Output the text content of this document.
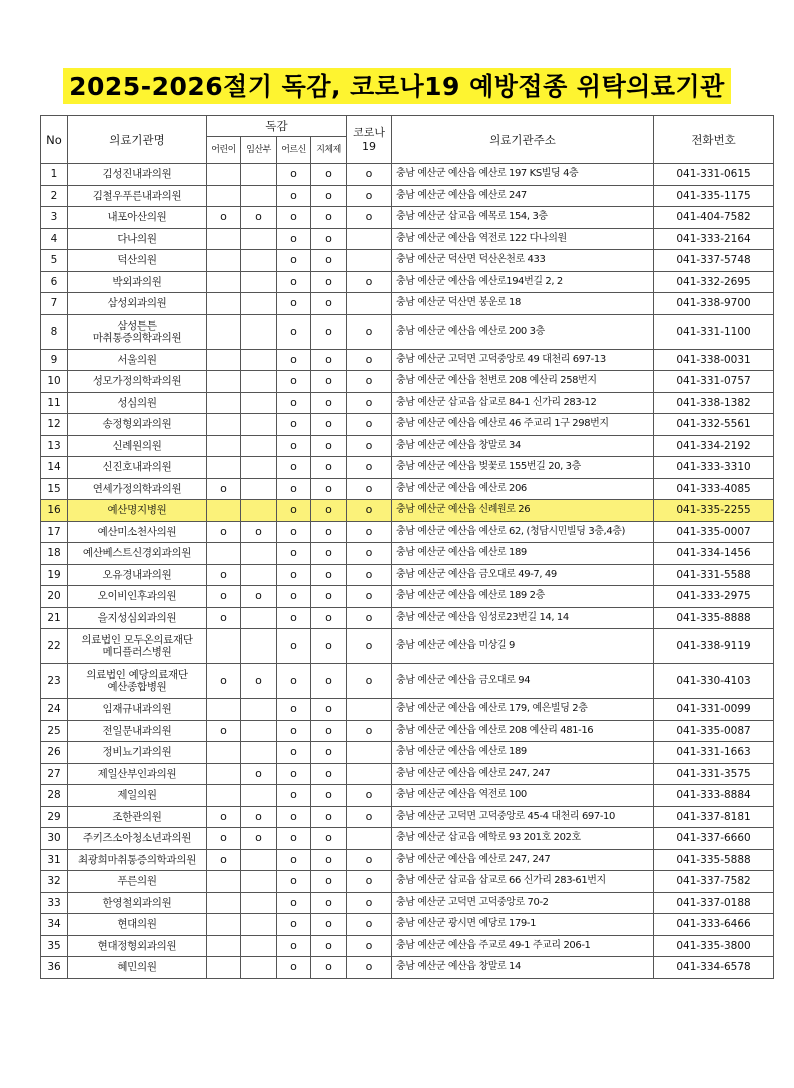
2025-2026절기 독감, 코로나19 예방접종 위탁의료기관
No	의료기관명	독감				코로나19	의료기관주소	전화번호
		어린이	임산부	어르신	지체제			
1	김성진내과의원			o	o	o	충남 예산군 예산읍 예산로 197 KS빌딩 4층	041-331-0615
2	김철우푸른내과의원			o	o	o	충남 예산군 예산읍 예산로 247	041-335-1175
3	내포아산의원	o	o	o	o	o	충남 예산군 삽교읍 예목로 154, 3층	041-404-7582
4	다나의원			o	o		충남 예산군 예산읍 역전로 122 다나의원	041-333-2164
5	덕산의원			o	o		충남 예산군 덕산면 덕산온천로 433	041-337-5748
6	박외과의원			o	o	o	충남 예산군 예산읍 예산로194번길 2, 2	041-332-2695
7	삼성외과의원			o	o		충남 예산군 덕산면 봉운로 18	041-338-9700
8	삼성튼튼
마취통증의학과의원			o	o	o	충남 예산군 예산읍 예산로 200 3층	041-331-1100
9	서울의원			o	o	o	충남 예산군 고덕면 고덕중앙로 49 대천리 697-13	041-338-0031
10	성모가정의학과의원			o	o	o	충남 예산군 예산읍 천변로 208 예산리 258번지	041-331-0757
11	성심의원			o	o	o	충남 예산군 삽교읍 삽교로 84-1 신가리 283-12	041-338-1382
12	송정형외과의원			o	o	o	충남 예산군 예산읍 예산로 46 주교리 1구 298번지	041-332-5561
13	신례원의원			o	o	o	충남 예산군 예산읍 창말로 34	041-334-2192
14	신진호내과의원			o	o	o	충남 예산군 예산읍 벚꽃로 155번길 20, 3층	041-333-3310
15	연세가정의학과의원	o		o	o	o	충남 예산군 예산읍 예산로 206	041-333-4085
16	예산명지병원			o	o	o	충남 예산군 예산읍 신례원로 26	041-335-2255
17	예산미소천사의원	o	o	o	o	o	충남 예산군 예산읍 예산로 62, (청담시민빌딩 3층,4층)	041-335-0007
18	예산베스트신경외과의원			o	o	o	충남 예산군 예산읍 예산로 189	041-334-1456
19	오유경내과의원	o		o	o	o	충남 예산군 예산읍 금오대로 49-7, 49	041-331-5588
20	오이비인후과의원	o	o	o	o	o	충남 예산군 예산읍 예산로 189 2층	041-333-2975
21	을지성심외과의원	o		o	o	o	충남 예산군 예산읍 임성로23번길 14, 14	041-335-8888
22	의료법인 모두온의료재단
메디플러스병원			o	o	o	충남 예산군 예산읍 미상길 9	041-338-9119
23	의료법인 예당의료재단
예산종합병원	o	o	o	o	o	충남 예산군 예산읍 금오대로 94	041-330-4103
24	임재규내과의원			o	o		충남 예산군 예산읍 예산로 179, 예은빌딩 2층	041-331-0099
25	전일문내과의원	o		o	o	o	충남 예산군 예산읍 예산로 208 예산리 481-16	041-335-0087
26	정비뇨기과의원			o	o		충남 예산군 예산읍 예산로 189	041-331-1663
27	제일산부인과의원		o	o	o		충남 예산군 예산읍 예산로 247, 247	041-331-3575
28	제일의원			o	o	o	충남 예산군 예산읍 역전로 100	041-333-8884
29	조한관의원	o	o	o	o	o	충남 예산군 고덕면 고덕중앙로 45-4 대천리 697-10	041-337-8181
30	주키즈소아청소년과의원	o	o	o	o		충남 예산군 삽교읍 예학로 93 201호 202호	041-337-6660
31	최광희마취통증의학과의원	o		o	o	o	충남 예산군 예산읍 예산로 247, 247	041-335-5888
32	푸른의원			o	o	o	충남 예산군 삽교읍 삽교로 66 신가리 283-61번지	041-337-7582
33	한영철외과의원			o	o	o	충남 예산군 고덕면 고덕중앙로 70-2	041-337-0188
34	현대의원			o	o	o	충남 예산군 광시면 예당로 179-1	041-333-6466
35	현대정형외과의원			o	o	o	충남 예산군 예산읍 주교로 49-1 주교리 206-1	041-335-3800
36	혜민의원			o	o	o	충남 예산군 예산읍 창말로 14	041-334-6578
